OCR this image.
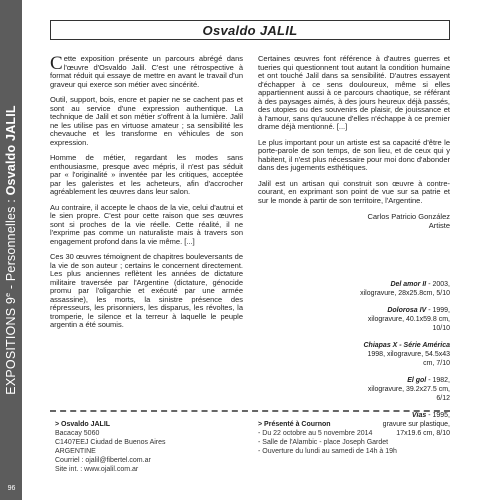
EXPOSITIONS 9e - Personnelles : Osvaldo JALIL
96
Osvaldo JALIL

Cette exposition présente un parcours abrégé dans l'œuvre d'Osvaldo Jalil. C'est une rétrospective à format réduit qui essaye de mettre en avant le travail d'un graveur qui exerce son métier avec sincérité.

Outil, support, bois, encre et papier ne se cachent pas et sont au service d'une expression authentique. La technique de Jalil et son métier s'offrent à la lumière. Jalil ne les utilise pas en virtuose amateur ; sa sensibilité les chevauche et les transforme en véhicules de son expression.

Homme de métier, regardant les modes sans enthousiasme, presque avec mépris, il n'est pas séduit par « l'originalité » inventée par les critiques, acceptée par les galeristes et les acheteurs, afin d'accrocher agréablement les œuvres dans leur salon.

Au contraire, il accepte le chaos de la vie, celui d'autrui et le sien propre. C'est pour cette raison que ses œuvres sont si proches de la vie réelle. Cette réalité, il ne l'exprime pas comme un naturaliste mais à travers son engagement profond dans la vie même. [...]

Ces 30 œuvres témoignent de chapitres bouleversants de la vie de son auteur ; certains le concernent directement. Les plus anciennes reflètent les années de dictature militaire traversée par l'Argentine (dictature, génocide promu par l'oligarchie et exécuté par une armée assassine), les morts, la sinistre présence des répresseurs, les prisonniers, les disparus, les révoltes, la tromperie, le silence et la terreur à laquelle le peuple argentin a été soumis.

Certaines œuvres font référence à d'autres guerres et tueries qui questionnent tout autant la condition humaine et ont touché Jalil dans sa sensibilité. D'autres essayent d'échapper à ce sens douloureux, même si elles appartiennent aussi à ce parcours chaotique, se référant à des paysages aimés, à des jours heureux déjà passés, des utopies ou des souvenirs de plaisir, de jouissance et à l'amour, sans qu'aucune d'elles n'échappe à ce premier drame déjà mentionné. [...]

Le plus important pour un artiste est sa capacité d'être le porte-parole de son temps, de son lieu, et de ceux qui y habitent, il n'est plus nécessaire pour moi donc d'abonder dans des jugements esthétiques.

Jalil est un artisan qui construit son œuvre à contre-courant, en exprimant son point de vue sur sa patrie et sur le monde à partir de son territoire, l'Argentine.

Carlos Patricio González
Artiste
Del amor II - 2003,
xilogravure, 28x25.8cm, 5/10
Dolorosa IV - 1999,
xilogravure, 40.1x59.8 cm,
10/10
Chiapas X - Série América
1998, xilogravure, 54.5x43
cm, 7/10
El gol - 1982,
xilogravure, 39.2x27.5 cm,
6/12
Vías - 1995,
gravure sur plastique,
17x19.6 cm, 8/10
> Osvaldo JALIL
Bacacay 5060
C1407EEJ Ciudad de Buenos Aires
ARGENTINE
Courriel : ojalil@fibertel.com.ar
Site int. : www.ojalil.com.ar
> Présenté à Cournon
- Du 22 octobre au 5 novembre 2014
- Salle de l'Alambic - place Joseph Gardet
- Ouverture du lundi au samedi de 14h à 19h
